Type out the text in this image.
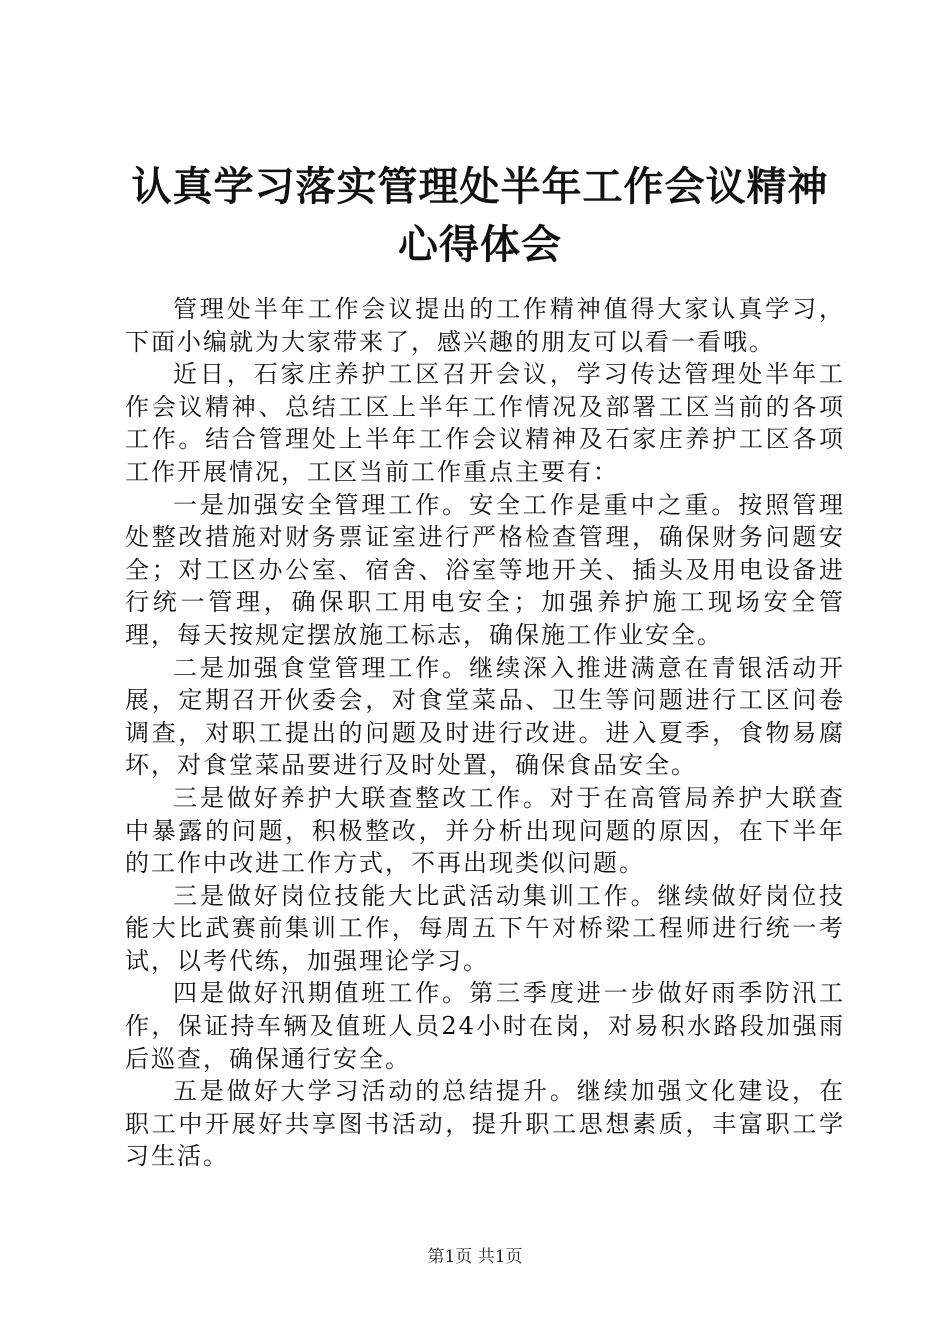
认真学习落实管理处半年工作会议精神心得体会

管理处半年工作会议提出的工作精神值得大家认真学习，下面小编就为大家带来了，感兴趣的朋友可以看一看哦。

近日，石家庄养护工区召开会议，学习传达管理处半年工作会议精神、总结工区上半年工作情况及部署工区当前的各项工作。结合管理处上半年工作会议精神及石家庄养护工区各项工作开展情况，工区当前工作重点主要有：

一是加强安全管理工作。安全工作是重中之重。按照管理处整改措施对财务票证室进行严格检查管理，确保财务问题安全；对工区办公室、宿舍、浴室等地开关、插头及用电设备进行统一管理，确保职工用电安全；加强养护施工现场安全管理，每天按规定摆放施工标志，确保施工作业安全。

二是加强食堂管理工作。继续深入推进满意在青银活动开展，定期召开伙委会，对食堂菜品、卫生等问题进行工区问卷调查，对职工提出的问题及时进行改进。进入夏季，食物易腐坏，对食堂菜品要进行及时处置，确保食品安全。

三是做好养护大联查整改工作。对于在高管局养护大联查中暴露的问题，积极整改，并分析出现问题的原因，在下半年的工作中改进工作方式，不再出现类似问题。

三是做好岗位技能大比武活动集训工作。继续做好岗位技能大比武赛前集训工作，每周五下午对桥梁工程师进行统一考试，以考代练，加强理论学习。

四是做好汛期值班工作。第三季度进一步做好雨季防汛工作，保证持车辆及值班人员24小时在岗，对易积水路段加强雨后巡查，确保通行安全。

五是做好大学习活动的总结提升。继续加强文化建设，在职工中开展好共享图书活动，提升职工思想素质，丰富职工学习生活。

第1页 共1页
